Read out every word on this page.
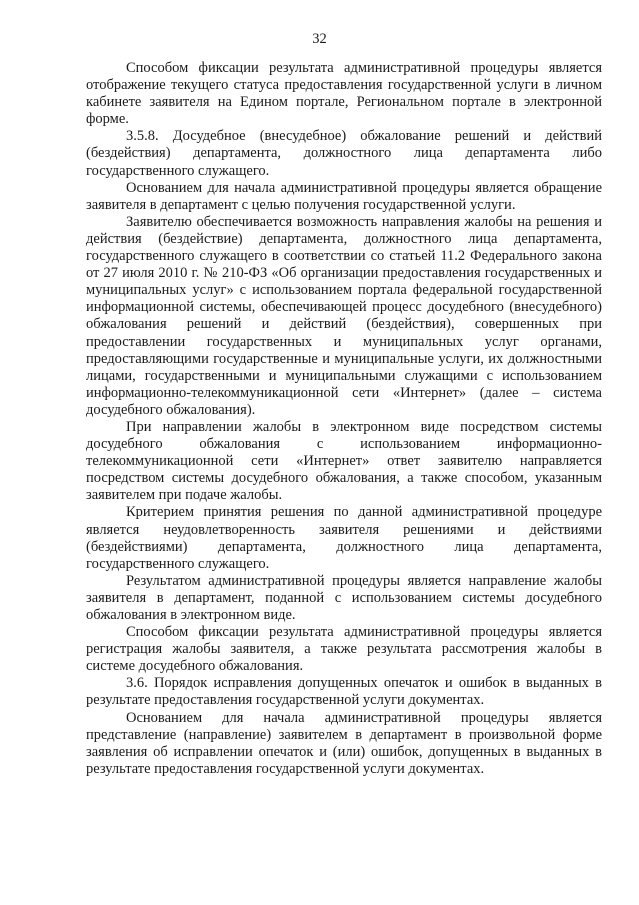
32

Способом фиксации результата административной процедуры является отображение текущего статуса предоставления государственной услуги в личном кабинете заявителя на Едином портале, Региональном портале в электронной форме.

3.5.8. Досудебное (внесудебное) обжалование решений и действий (бездействия) департамента, должностного лица департамента либо государственного служащего.

Основанием для начала административной процедуры является обращение заявителя в департамент с целью получения государственной услуги.

Заявителю обеспечивается возможность направления жалобы на решения и действия (бездействие) департамента, должностного лица департамента, государственного служащего в соответствии со статьей 11.2 Федерального закона от 27 июля 2010 г. № 210-ФЗ «Об организации предоставления государственных и муниципальных услуг» с использованием портала федеральной государственной информационной системы, обеспечивающей процесс досудебного (внесудебного) обжалования решений и действий (бездействия), совершенных при предоставлении государственных и муниципальных услуг органами, предоставляющими государственные и муниципальные услуги, их должностными лицами, государственными и муниципальными служащими с использованием информационно-телекоммуникационной сети «Интернет» (далее – система досудебного обжалования).

При направлении жалобы в электронном виде посредством системы досудебного обжалования с использованием информационно-телекоммуникационной сети «Интернет» ответ заявителю направляется посредством системы досудебного обжалования, а также способом, указанным заявителем при подаче жалобы.

Критерием принятия решения по данной административной процедуре является неудовлетворенность заявителя решениями и действиями (бездействиями) департамента, должностного лица департамента, государственного служащего.

Результатом административной процедуры является направление жалобы заявителя в департамент, поданной с использованием системы досудебного обжалования в электронном виде.

Способом фиксации результата административной процедуры является регистрация жалобы заявителя, а также результата рассмотрения жалобы в системе досудебного обжалования.

3.6. Порядок исправления допущенных опечаток и ошибок в выданных в результате предоставления государственной услуги документах.

Основанием для начала административной процедуры является представление (направление) заявителем в департамент в произвольной форме заявления об исправлении опечаток и (или) ошибок, допущенных в выданных в результате предоставления государственной услуги документах.
